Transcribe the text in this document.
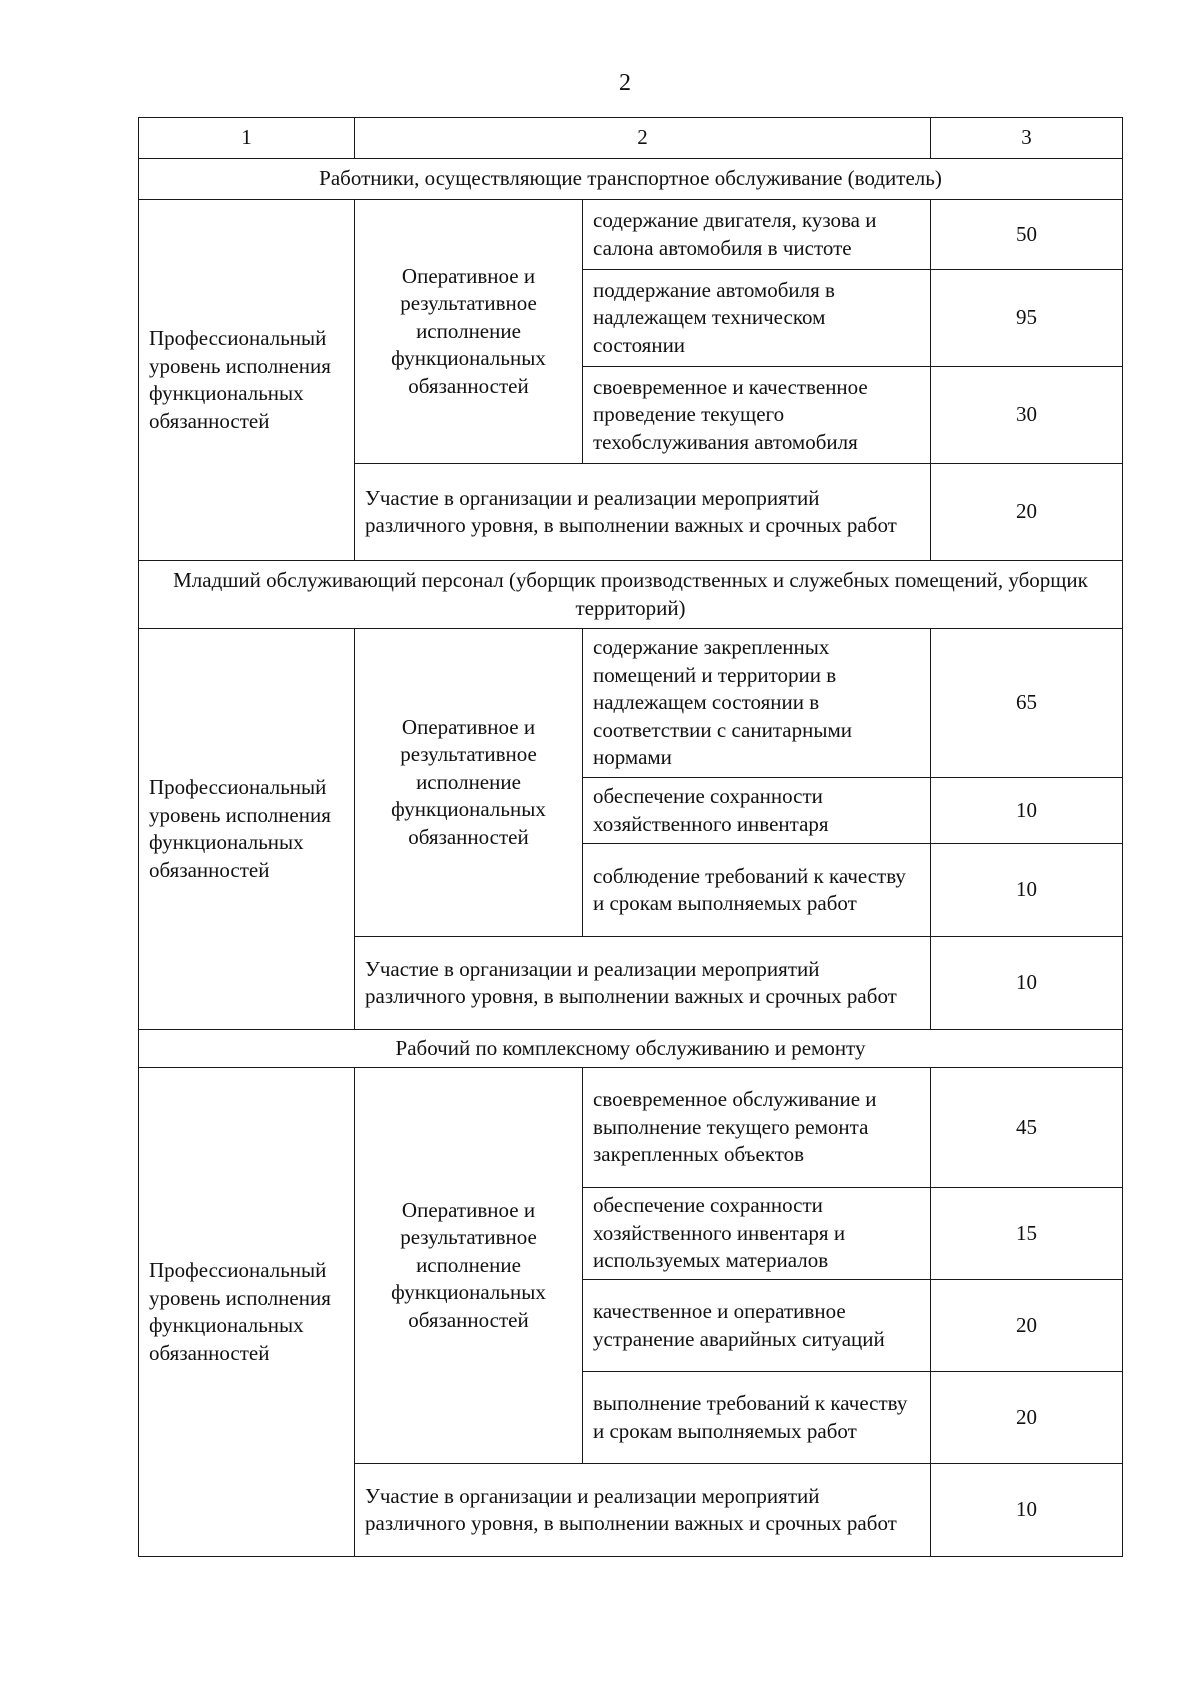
2
1	2		3
Работники, осуществляющие транспортное обслуживание (водитель)			
Профессиональный уровень исполнения функциональных обязанностей	Оперативное и результативное исполнение функциональных обязанностей	содержание двигателя, кузова и салона автомобиля в чистоте	50
		поддержание автомобиля в надлежащем техническом состоянии	95
		своевременное и качественное проведение текущего техобслуживания автомобиля	30
	Участие в организации и реализации мероприятий различного уровня, в выполнении важных и срочных работ		20
Младший обслуживающий персонал (уборщик производственных и служебных помещений, уборщик территорий)			
Профессиональный уровень исполнения функциональных обязанностей	Оперативное и результативное исполнение функциональных обязанностей	содержание закрепленных помещений и территории в надлежащем состоянии в соответствии с санитарными нормами	65
		обеспечение сохранности хозяйственного инвентаря	10
		соблюдение требований к качеству и срокам выполняемых работ	10
	Участие в организации и реализации мероприятий различного уровня, в выполнении важных и срочных работ		10
Рабочий по комплексному обслуживанию и ремонту			
Профессиональный уровень исполнения функциональных обязанностей	Оперативное и результативное исполнение функциональных обязанностей	своевременное обслуживание и выполнение текущего ремонта закрепленных объектов	45
		обеспечение сохранности хозяйственного инвентаря и используемых материалов	15
		качественное и оперативное устранение аварийных ситуаций	20
		выполнение требований к качеству и срокам выполняемых работ	20
	Участие в организации и реализации мероприятий различного уровня, в выполнении важных и срочных работ		10
